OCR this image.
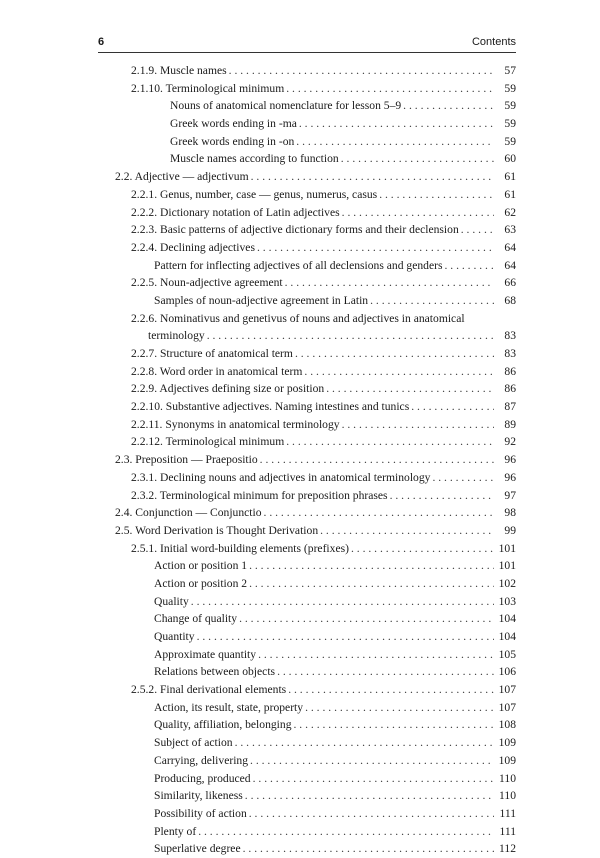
6	Contents
2.1.9. Muscle names . . .	57
2.1.10. Terminological minimum . . .	59
Nouns of anatomical nomenclature for lesson 5–9 . . .	59
Greek words ending in -ma . . .	59
Greek words ending in -on . . .	59
Muscle names according to function . . .	60
2.2. Adjective — adjectivum . . .	61
2.2.1. Genus, number, case — genus, numerus, casus . . .	61
2.2.2. Dictionary notation of Latin adjectives . . .	62
2.2.3. Basic patterns of adjective dictionary forms and their declension . . .	63
2.2.4. Declining adjectives . . .	64
Pattern for inflecting adjectives of all declensions and genders . . .	64
2.2.5. Noun-adjective agreement . . .	66
Samples of noun-adjective agreement in Latin . . .	68
2.2.6. Nominativus and genetivus of nouns and adjectives in anatomical
terminology . . .	83
2.2.7. Structure of anatomical term . . .	83
2.2.8. Word order in anatomical term . . .	86
2.2.9. Adjectives defining size or position . . .	86
2.2.10. Substantive adjectives. Naming intestines and tunics . . .	87
2.2.11. Synonyms in anatomical terminology . . .	89
2.2.12. Terminological minimum . . .	92
2.3. Preposition — Praepositio . . .	96
2.3.1. Declining nouns and adjectives in anatomical terminology . . .	96
2.3.2. Terminological minimum for preposition phrases . . .	97
2.4. Conjunction — Conjunctio . . .	98
2.5. Word Derivation is Thought Derivation . . .	99
2.5.1. Initial word-building elements (prefixes) . . .	101
Action or position 1 . . .	101
Action or position 2 . . .	102
Quality . . .	103
Change of quality . . .	104
Quantity . . .	104
Approximate quantity . . .	105
Relations between objects . . .	106
2.5.2. Final derivational elements . . .	107
Action, its result, state, property . . .	107
Quality, affiliation, belonging . . .	108
Subject of action . . .	109
Carrying, delivering . . .	109
Producing, produced . . .	110
Similarity, likeness . . .	110
Possibility of action . . .	111
Plenty of . . .	111
Superlative degree . . .	112
